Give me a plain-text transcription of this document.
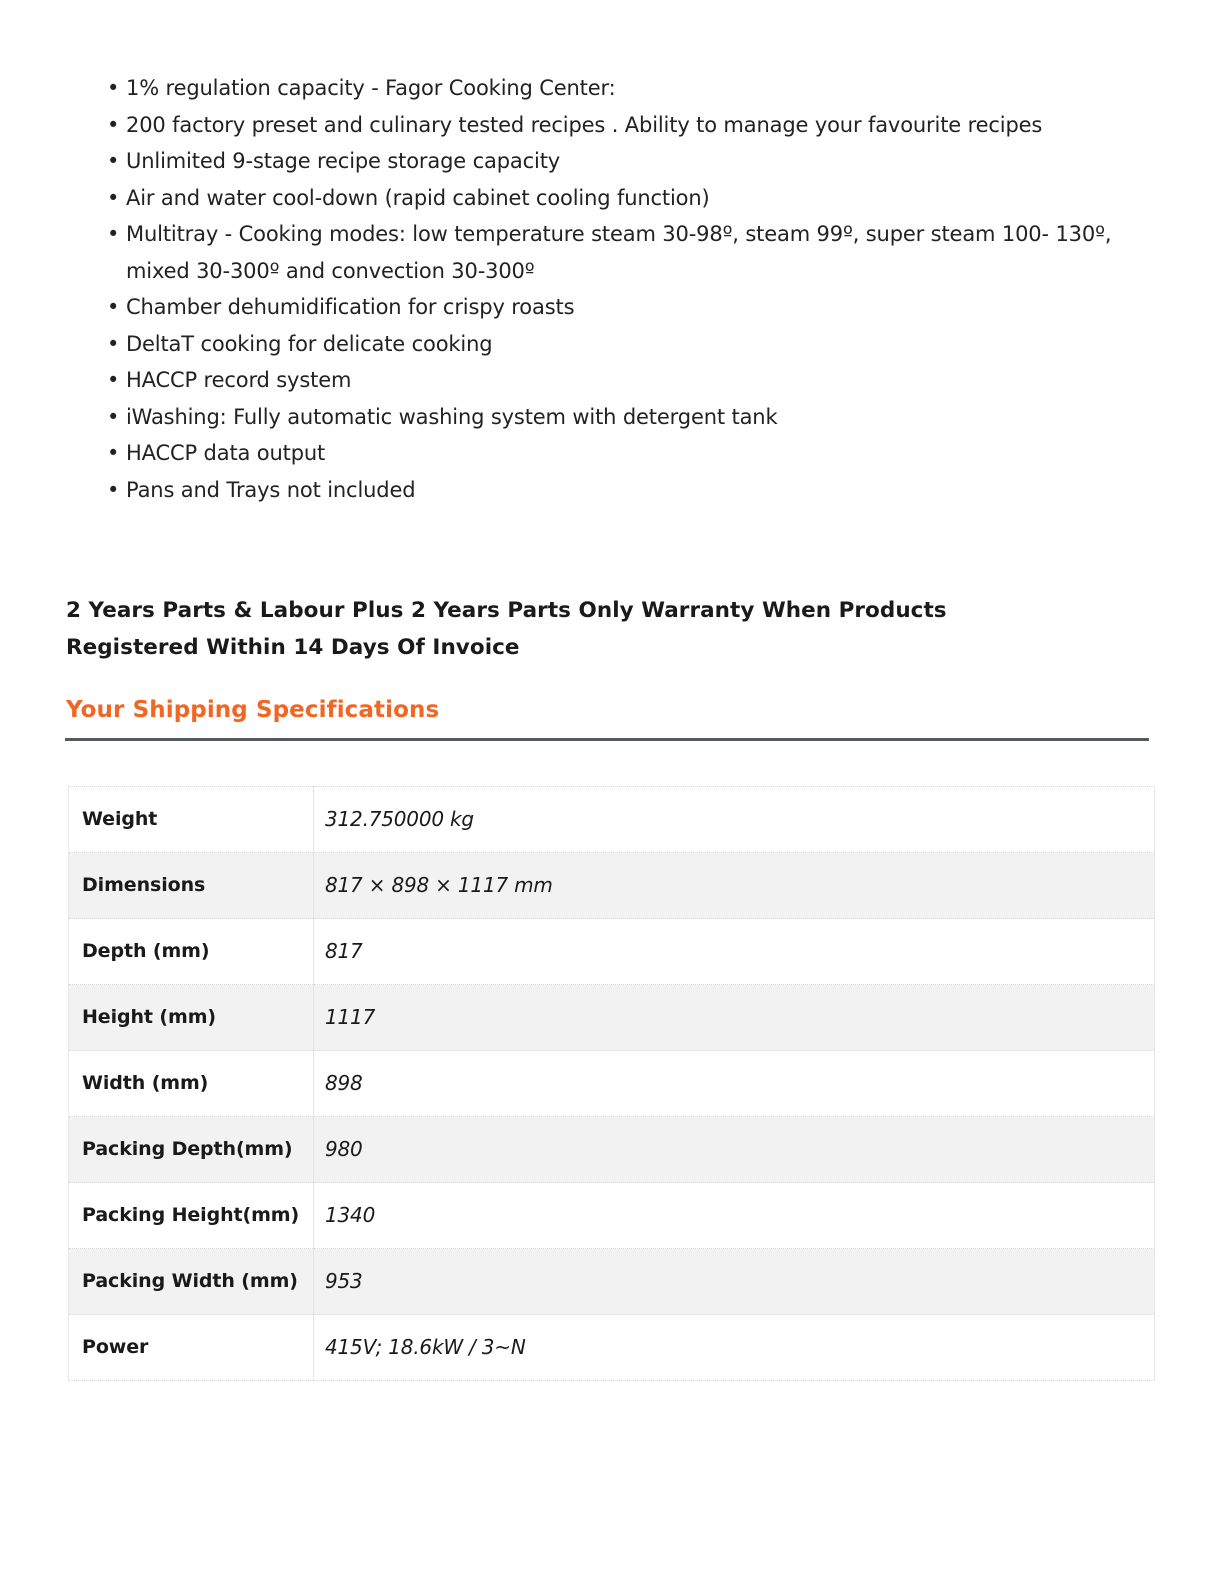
• 1% regulation capacity - Fagor Cooking Center:
• 200 factory preset and culinary tested recipes . Ability to manage your favourite recipes
• Unlimited 9-stage recipe storage capacity
• Air and water cool-down (rapid cabinet cooling function)
• Multitray - Cooking modes: low temperature steam 30-98º, steam 99º, super steam 100- 130º, mixed 30-300º and convection 30-300º
• Chamber dehumidification for crispy roasts
• DeltaT cooking for delicate cooking
• HACCP record system
• iWashing: Fully automatic washing system with detergent tank
• HACCP data output
• Pans and Trays not included

2 Years Parts & Labour Plus 2 Years Parts Only Warranty When Products Registered Within 14 Days Of Invoice

Your Shipping Specifications
Weight	312.750000 kg
Dimensions	817 × 898 × 1117 mm
Depth (mm)	817
Height (mm)	1117
Width (mm)	898
Packing Depth(mm)	980
Packing Height(mm)	1340
Packing Width (mm)	953
Power	415V; 18.6kW / 3~N
